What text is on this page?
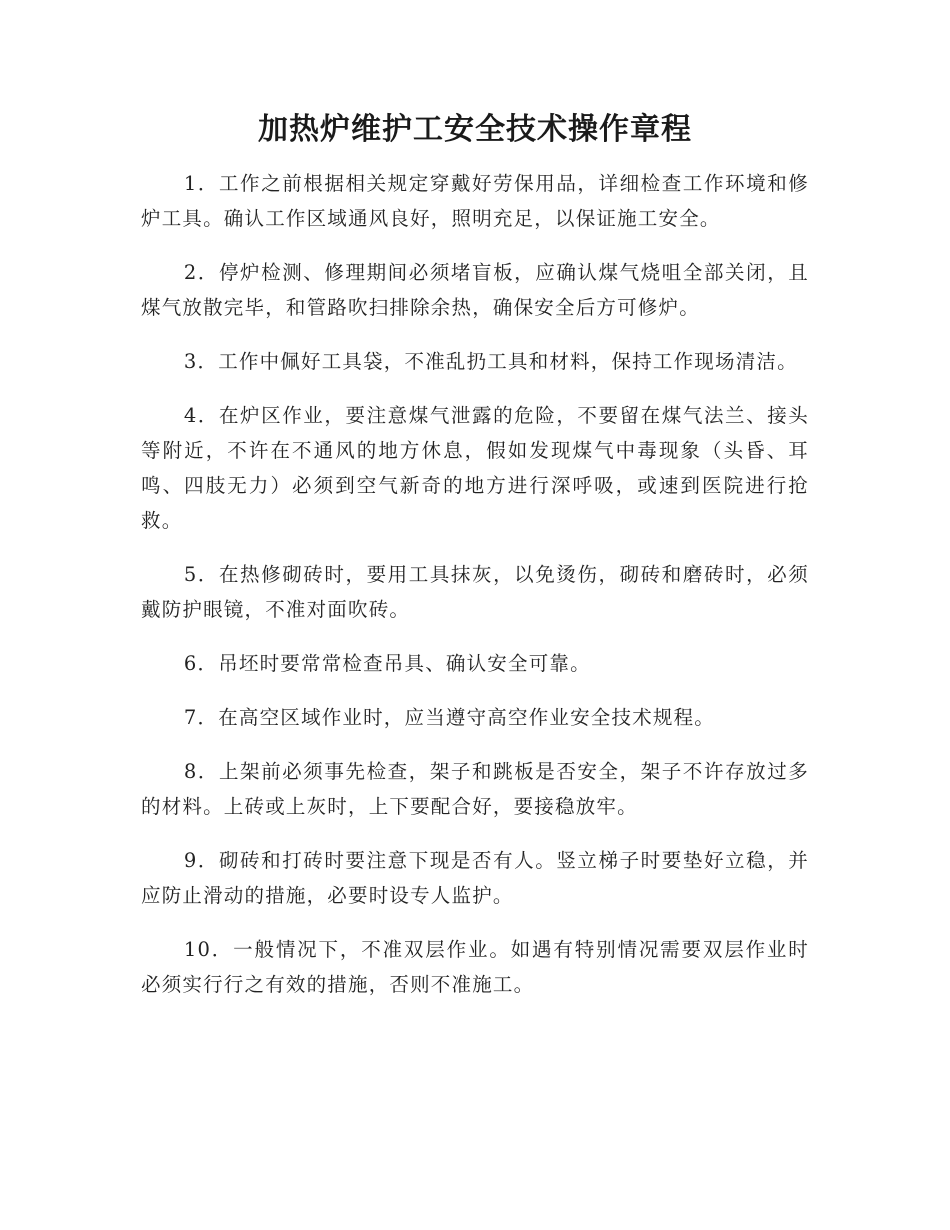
加热炉维护工安全技术操作章程

1．工作之前根据相关规定穿戴好劳保用品，详细检查工作环境和修炉工具。确认工作区域通风良好，照明充足，以保证施工安全。

2．停炉检测、修理期间必须堵盲板，应确认煤气烧咀全部关闭，且煤气放散完毕，和管路吹扫排除余热，确保安全后方可修炉。

3．工作中佩好工具袋，不准乱扔工具和材料，保持工作现场清洁。

4．在炉区作业，要注意煤气泄露的危险，不要留在煤气法兰、接头等附近，不许在不通风的地方休息，假如发现煤气中毒现象（头昏、耳鸣、四肢无力）必须到空气新奇的地方进行深呼吸，或速到医院进行抢救。

5．在热修砌砖时，要用工具抹灰，以免烫伤，砌砖和磨砖时，必须戴防护眼镜，不准对面吹砖。

6．吊坯时要常常检查吊具、确认安全可靠。

7．在高空区域作业时，应当遵守高空作业安全技术规程。

8．上架前必须事先检查，架子和跳板是否安全，架子不许存放过多的材料。上砖或上灰时，上下要配合好，要接稳放牢。

9．砌砖和打砖时要注意下现是否有人。竖立梯子时要垫好立稳，并应防止滑动的措施，必要时设专人监护。

10．一般情况下，不准双层作业。如遇有特别情况需要双层作业时必须实行行之有效的措施，否则不准施工。
